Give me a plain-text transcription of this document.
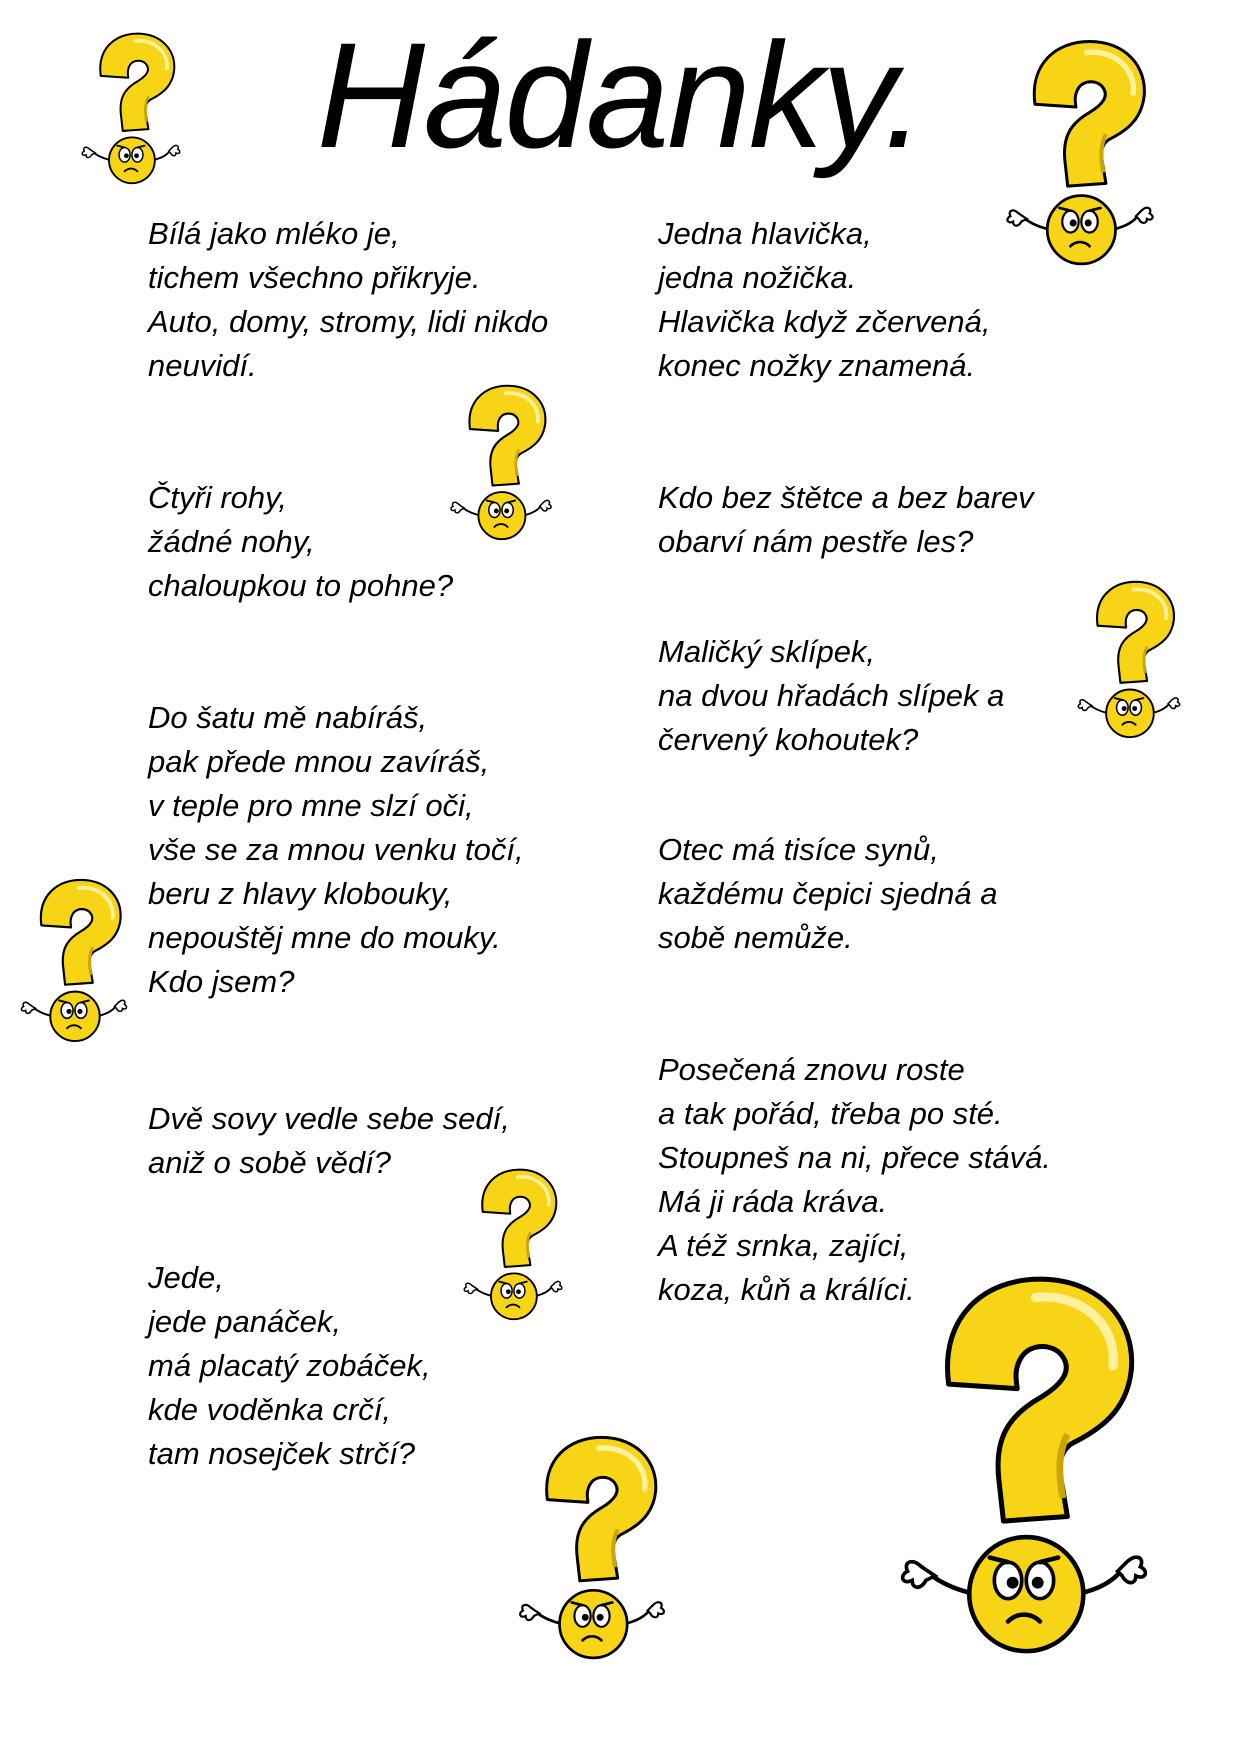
Hádanky.
Bílá jako mléko je,
tichem všechno přikryje.
Auto, domy, stromy, lidi nikdo
neuvidí.
Čtyři rohy,
žádné nohy,
chaloupkou to pohne?
Do šatu mě nabíráš,
pak přede mnou zavíráš,
v teple pro mne slzí oči,
vše se za mnou venku točí,
beru z hlavy klobouky,
nepouštěj mne do mouky.
Kdo jsem?
Dvě sovy vedle sebe sedí,
aniž o sobě vědí?
Jede,
jede panáček,
má placatý zobáček,
kde voděnka crčí,
tam nosejček strčí?
Jedna hlavička,
jedna nožička.
Hlavička když zčervená,
konec nožky znamená.
Kdo bez štětce a bez barev
obarví nám pestře les?
Maličký sklípek,
na dvou hřadách slípek a
červený kohoutek?
Otec má tisíce synů,
každému čepici sjedná a
sobě nemůže.
Posečená znovu roste
a tak pořád, třeba po sté.
Stoupneš na ni, přece stává.
Má ji ráda kráva.
A též srnka, zajíci,
koza, kůň a králíci.
